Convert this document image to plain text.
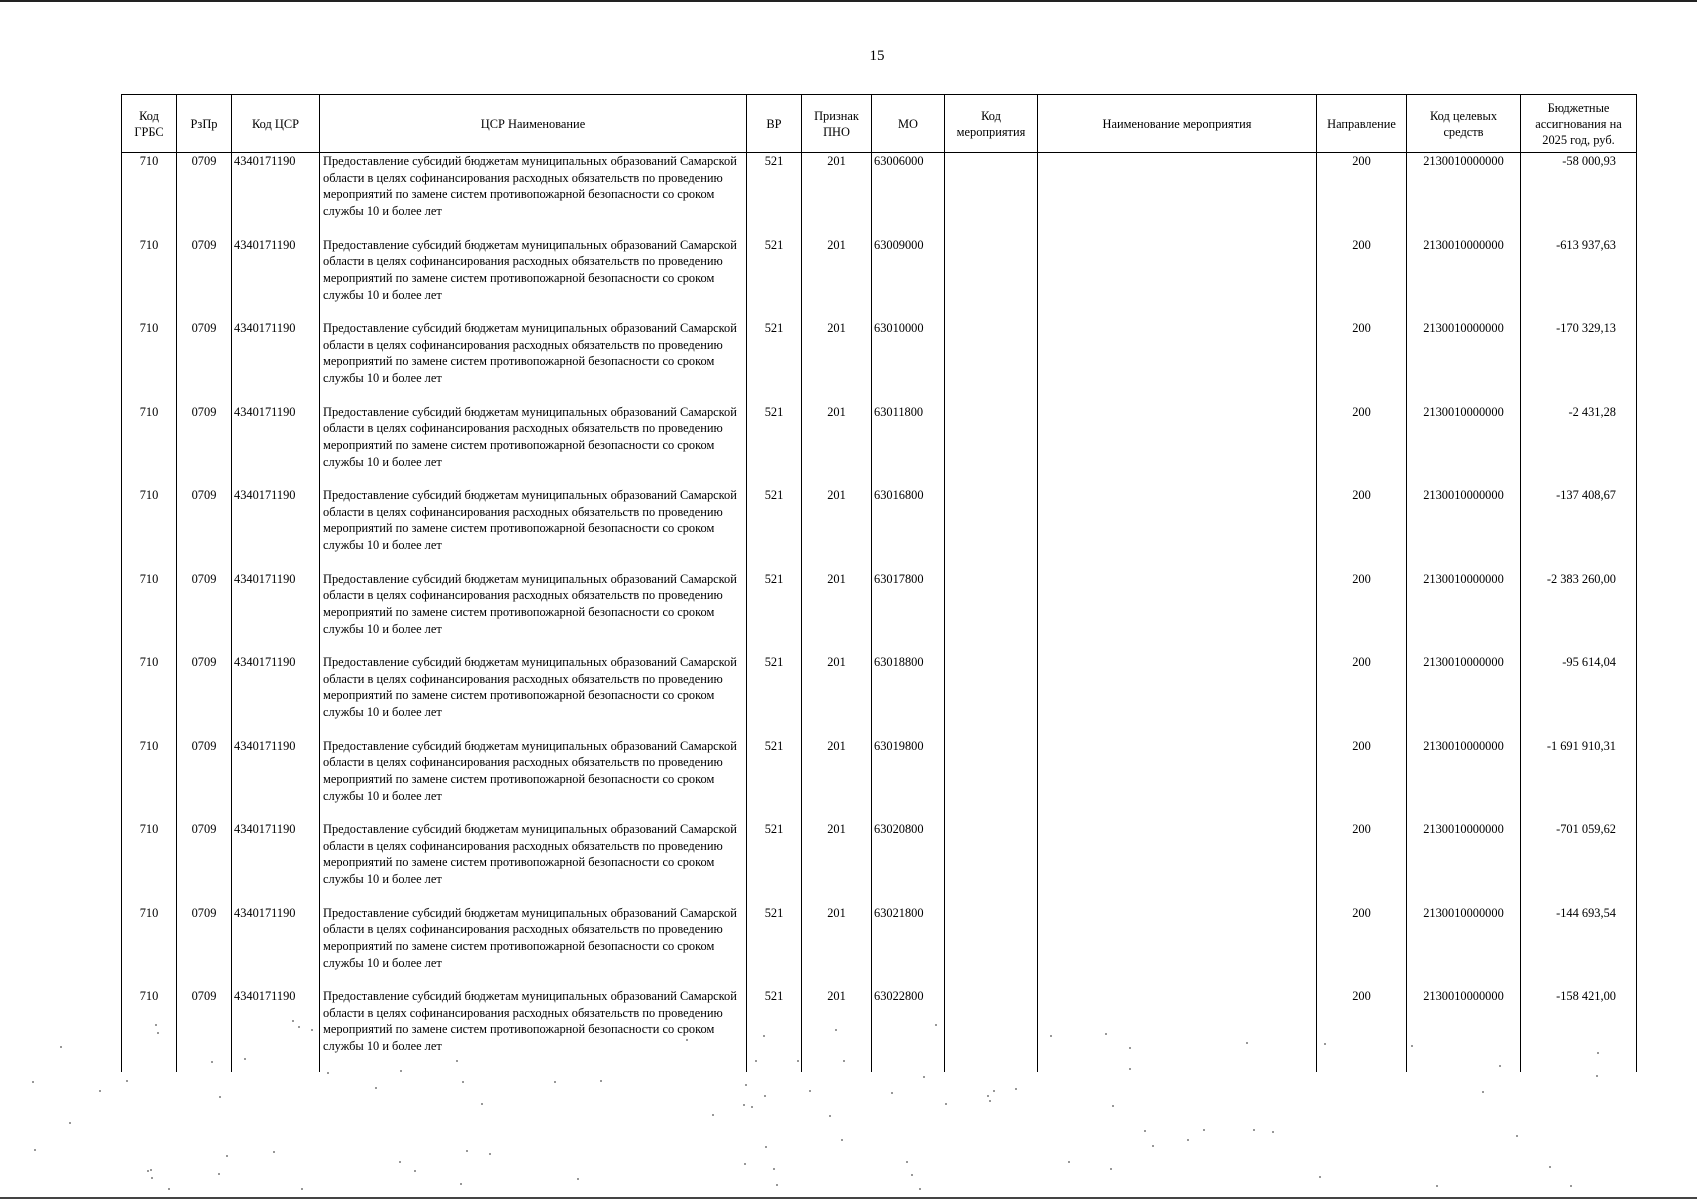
15
Код ГРБС	РзПр	Код ЦСР	ЦСР Наименование	ВР	Признак ПНО	МО	Код мероприятия	Наименование мероприятия	Направление	Код целевых средств	Бюджетные ассигнования на 2025 год, руб.
710	0709	4340171190	Предоставление субсидий бюджетам муниципальных образований Самарской области в целях софинансирования расходных обязательств по проведению мероприятий по замене систем противопожарной безопасности со сроком службы 10 и более лет	521	201	63006000			200	2130010000000	-58 000,93
710	0709	4340171190	Предоставление субсидий бюджетам муниципальных образований Самарской области в целях софинансирования расходных обязательств по проведению мероприятий по замене систем противопожарной безопасности со сроком службы 10 и более лет	521	201	63009000			200	2130010000000	-613 937,63
710	0709	4340171190	Предоставление субсидий бюджетам муниципальных образований Самарской области в целях софинансирования расходных обязательств по проведению мероприятий по замене систем противопожарной безопасности со сроком службы 10 и более лет	521	201	63010000			200	2130010000000	-170 329,13
710	0709	4340171190	Предоставление субсидий бюджетам муниципальных образований Самарской области в целях софинансирования расходных обязательств по проведению мероприятий по замене систем противопожарной безопасности со сроком службы 10 и более лет	521	201	63011800			200	2130010000000	-2 431,28
710	0709	4340171190	Предоставление субсидий бюджетам муниципальных образований Самарской области в целях софинансирования расходных обязательств по проведению мероприятий по замене систем противопожарной безопасности со сроком службы 10 и более лет	521	201	63016800			200	2130010000000	-137 408,67
710	0709	4340171190	Предоставление субсидий бюджетам муниципальных образований Самарской области в целях софинансирования расходных обязательств по проведению мероприятий по замене систем противопожарной безопасности со сроком службы 10 и более лет	521	201	63017800			200	2130010000000	-2 383 260,00
710	0709	4340171190	Предоставление субсидий бюджетам муниципальных образований Самарской области в целях софинансирования расходных обязательств по проведению мероприятий по замене систем противопожарной безопасности со сроком службы 10 и более лет	521	201	63018800			200	2130010000000	-95 614,04
710	0709	4340171190	Предоставление субсидий бюджетам муниципальных образований Самарской области в целях софинансирования расходных обязательств по проведению мероприятий по замене систем противопожарной безопасности со сроком службы 10 и более лет	521	201	63019800			200	2130010000000	-1 691 910,31
710	0709	4340171190	Предоставление субсидий бюджетам муниципальных образований Самарской области в целях софинансирования расходных обязательств по проведению мероприятий по замене систем противопожарной безопасности со сроком службы 10 и более лет	521	201	63020800			200	2130010000000	-701 059,62
710	0709	4340171190	Предоставление субсидий бюджетам муниципальных образований Самарской области в целях софинансирования расходных обязательств по проведению мероприятий по замене систем противопожарной безопасности со сроком службы 10 и более лет	521	201	63021800			200	2130010000000	-144 693,54
710	0709	4340171190	Предоставление субсидий бюджетам муниципальных образований Самарской области в целях софинансирования расходных обязательств по проведению мероприятий по замене систем противопожарной безопасности со сроком службы 10 и более лет	521	201	63022800			200	2130010000000	-158 421,00
